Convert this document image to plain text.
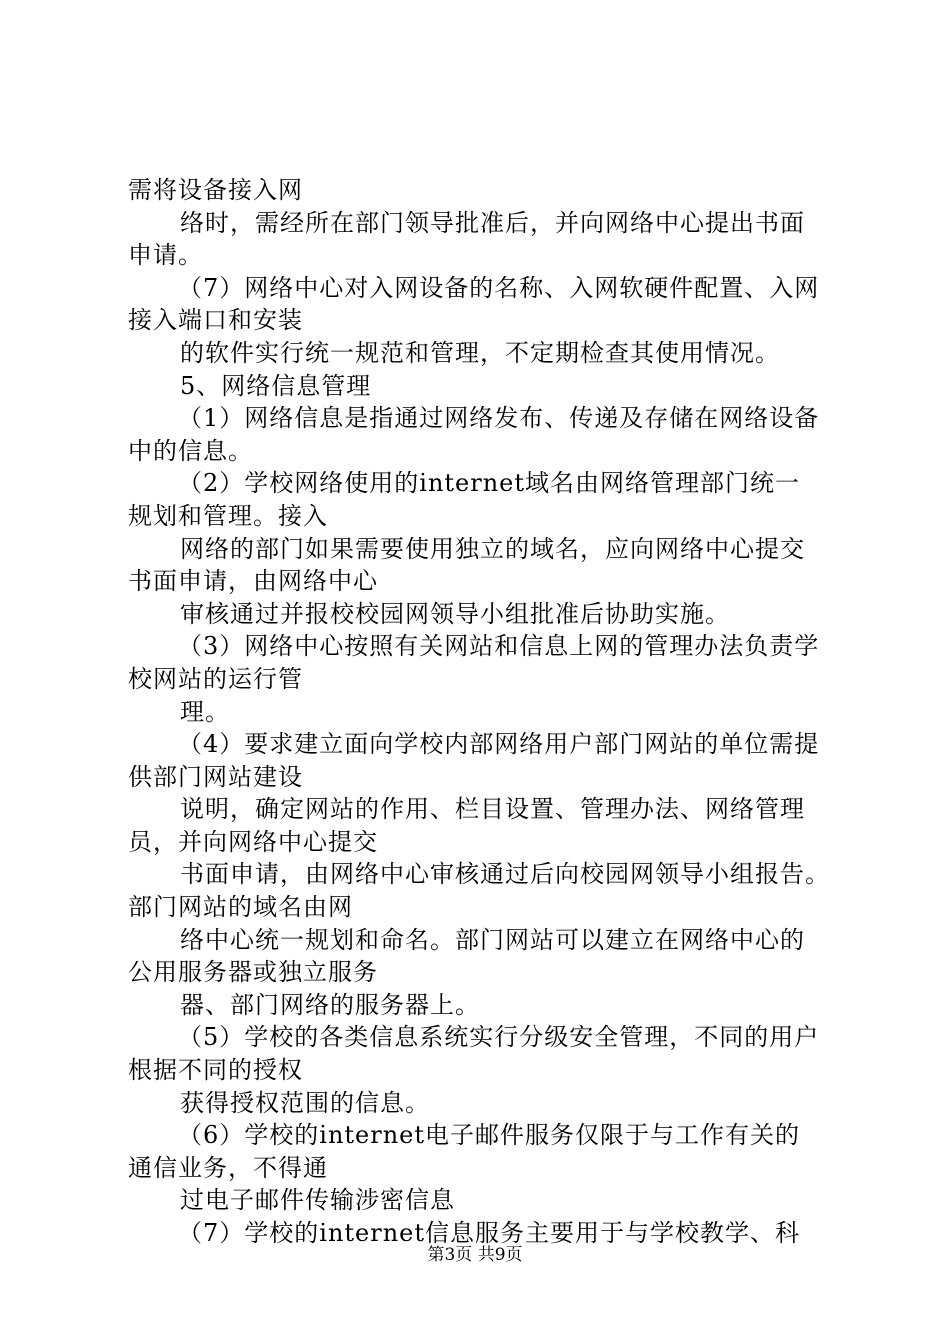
需将设备接入网
络时，需经所在部门领导批准后，并向网络中心提出书面
申请。
（7）网络中心对入网设备的名称、入网软硬件配置、入网
接入端口和安装
的软件实行统一规范和管理，不定期检查其使用情况。
5、网络信息管理
（1）网络信息是指通过网络发布、传递及存储在网络设备
中的信息。
（2）学校网络使用的internet域名由网络管理部门统一
规划和管理。接入
网络的部门如果需要使用独立的域名，应向网络中心提交
书面申请，由网络中心
审核通过并报校校园网领导小组批准后协助实施。
（3）网络中心按照有关网站和信息上网的管理办法负责学
校网站的运行管
理。
（4）要求建立面向学校内部网络用户部门网站的单位需提
供部门网站建设
说明，确定网站的作用、栏目设置、管理办法、网络管理
员，并向网络中心提交
书面申请，由网络中心审核通过后向校园网领导小组报告。
部门网站的域名由网
络中心统一规划和命名。部门网站可以建立在网络中心的
公用服务器或独立服务
器、部门网络的服务器上。
（5）学校的各类信息系统实行分级安全管理，不同的用户
根据不同的授权
获得授权范围的信息。
（6）学校的internet电子邮件服务仅限于与工作有关的
通信业务，不得通
过电子邮件传输涉密信息
（7）学校的internet信息服务主要用于与学校教学、科
第3页 共9页
